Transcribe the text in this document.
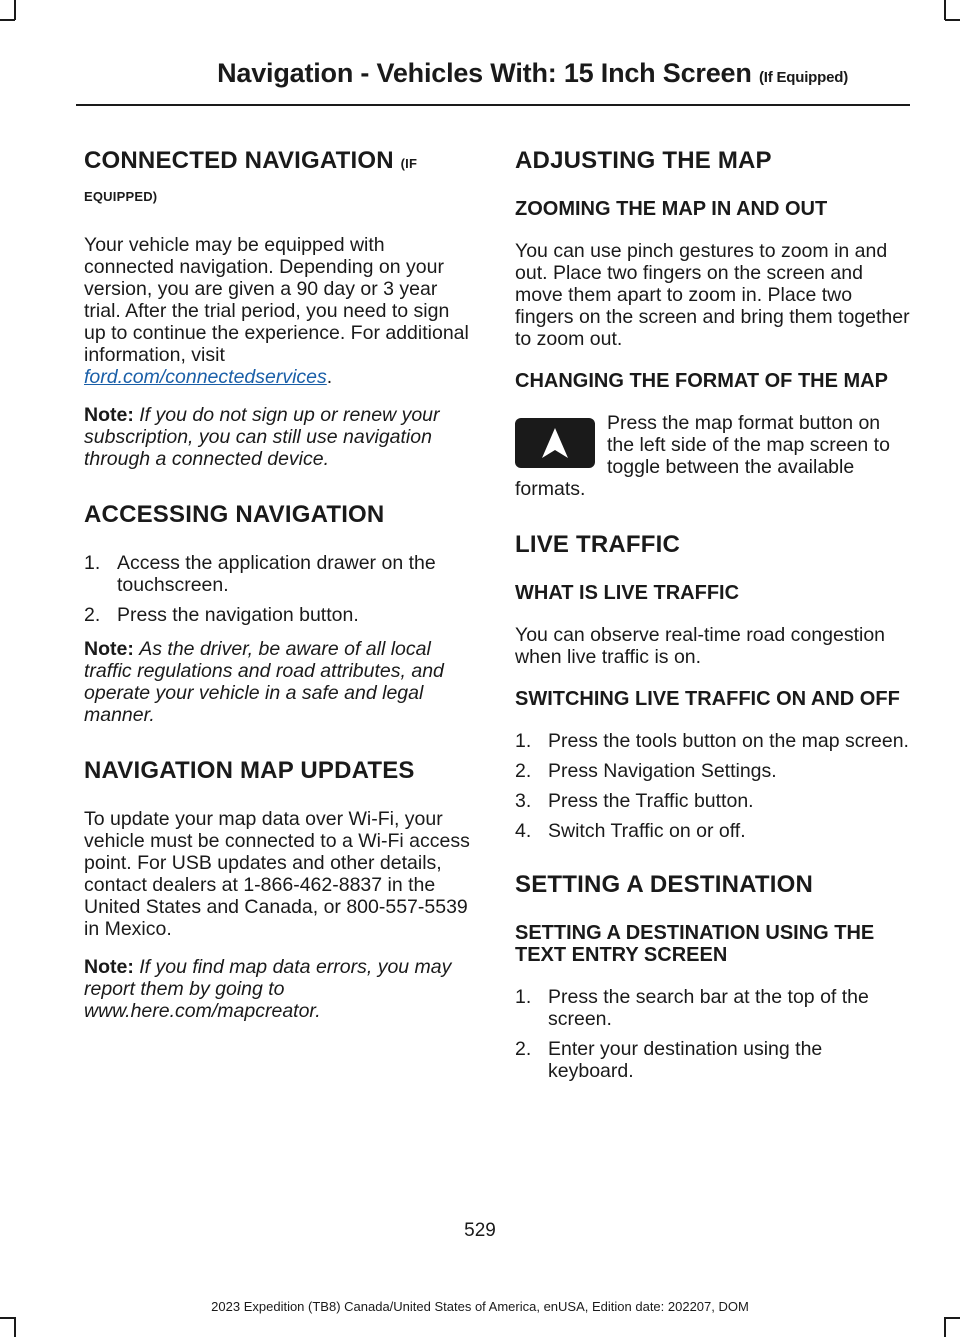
Navigation - Vehicles With: 15 Inch Screen (If Equipped)
CONNECTED NAVIGATION (IF EQUIPPED)

Your vehicle may be equipped with connected navigation. Depending on your version, you are given a 90 day or 3 year trial. After the trial period, you need to sign up to continue the experience. For additional information, visit ford.com/connectedservices.

Note: If you do not sign up or renew your subscription, you can still use navigation through a connected device.

ACCESSING NAVIGATION
1. Access the application drawer on the touchscreen.
2. Press the navigation button.

Note: As the driver, be aware of all local traffic regulations and road attributes, and operate your vehicle in a safe and legal manner.

NAVIGATION MAP UPDATES

To update your map data over Wi-Fi, your vehicle must be connected to a Wi-Fi access point. For USB updates and other details, contact dealers at 1-866-462-8837 in the United States and Canada, or 800-557-5539 in Mexico.

Note: If you find map data errors, you may report them by going to www.here.com/mapcreator.

ADJUSTING THE MAP
ZOOMING THE MAP IN AND OUT

You can use pinch gestures to zoom in and out. Place two fingers on the screen and move them apart to zoom in. Place two fingers on the screen and bring them together to zoom out.

CHANGING THE FORMAT OF THE MAP

Press the map format button on the left side of the map screen to toggle between the available formats.

LIVE TRAFFIC
WHAT IS LIVE TRAFFIC

You can observe real-time road congestion when live traffic is on.

SWITCHING LIVE TRAFFIC ON AND OFF
1. Press the tools button on the map screen.
2. Press Navigation Settings.
3. Press the Traffic button.
4. Switch Traffic on or off.
SETTING A DESTINATION
SETTING A DESTINATION USING THE TEXT ENTRY SCREEN
1. Press the search bar at the top of the screen.
2. Enter your destination using the keyboard.
529
2023 Expedition (TB8) Canada/United States of America, enUSA, Edition date: 202207, DOM
